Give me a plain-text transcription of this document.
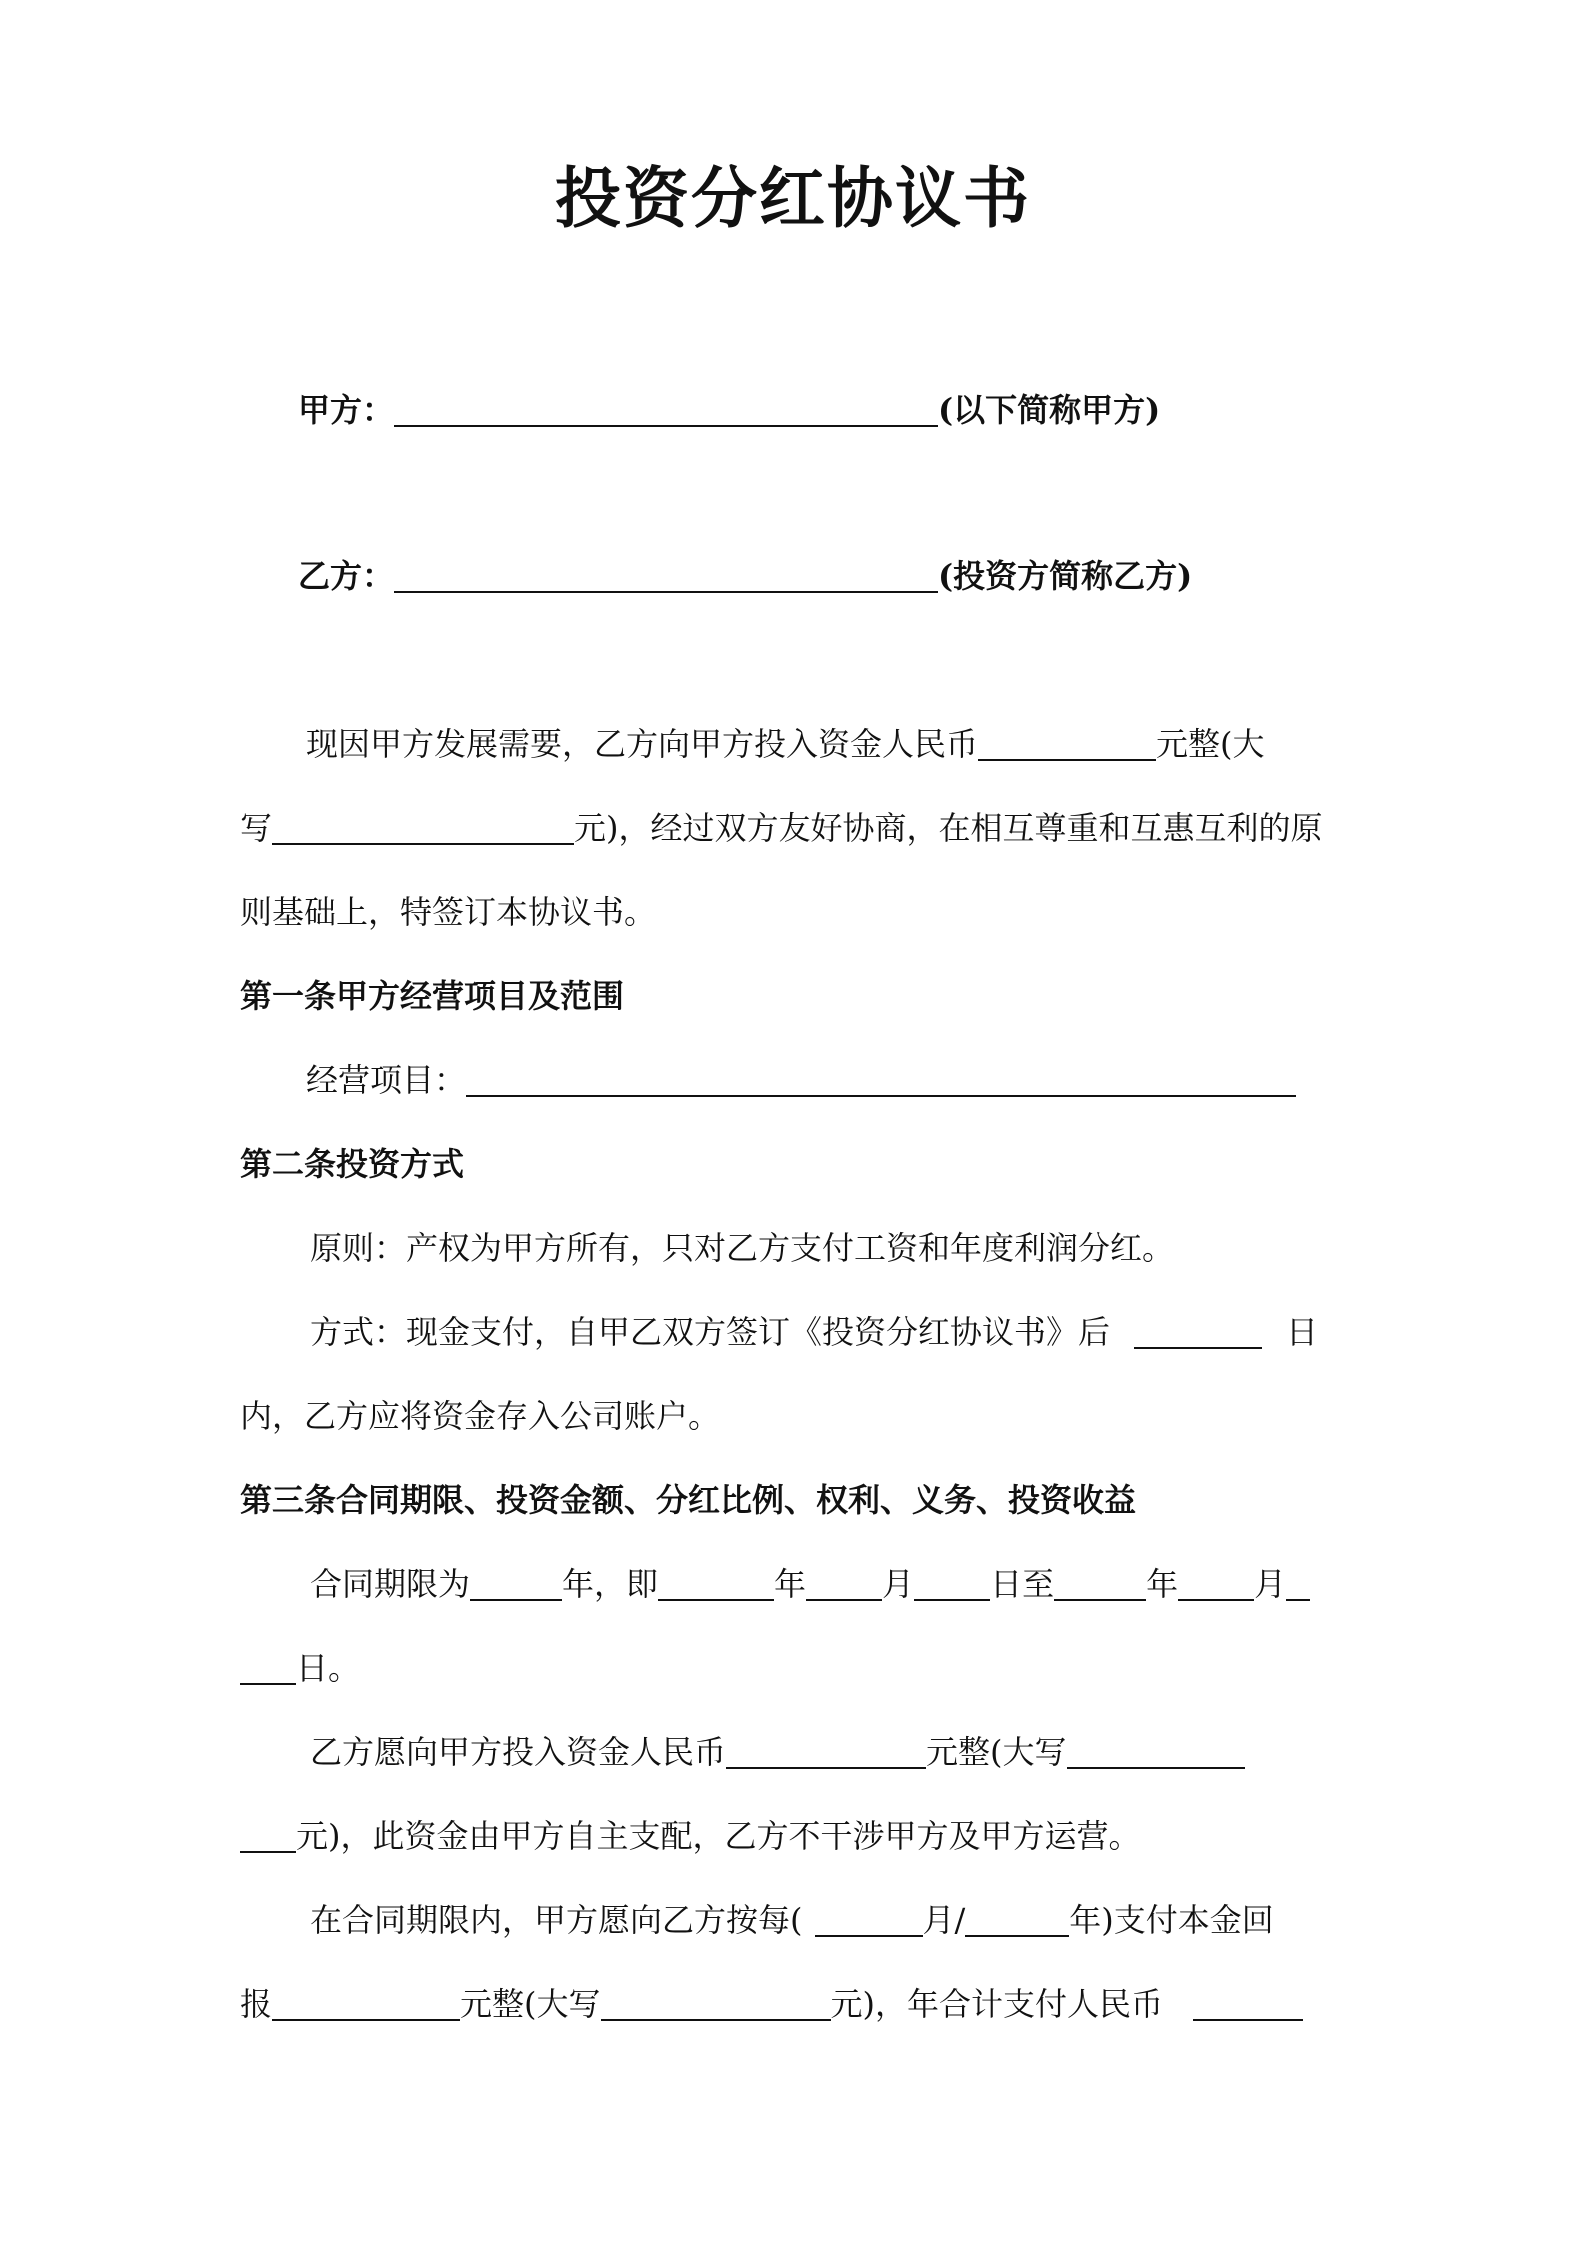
投资分红协议书
甲方：	(以下简称甲方)
乙方：	(投资方简称乙方)
现因甲方发展需要，乙方向甲方投入资金人民币	元整(大
写	元)，经过双方友好协商，在相互尊重和互惠互利的原
则基础上，特签订本协议书。
第一条甲方经营项目及范围
经营项目：
第二条投资方式
原则：产权为甲方所有，只对乙方支付工资和年度利润分红。
方式：现金支付，自甲乙双方签订《投资分红协议书》后	日
内，乙方应将资金存入公司账户。
第三条合同期限、投资金额、分红比例、权利、义务、投资收益
合同期限为	年，即	年 月 日至	年 月
日。
乙方愿向甲方投入资金人民币	元整(大写
元)，此资金由甲方自主支配，乙方不干涉甲方及甲方运营。
在合同期限内，甲方愿向乙方按每(	月/	年)支付本金回
报	元整(大写	元)，年合计支付人民币
